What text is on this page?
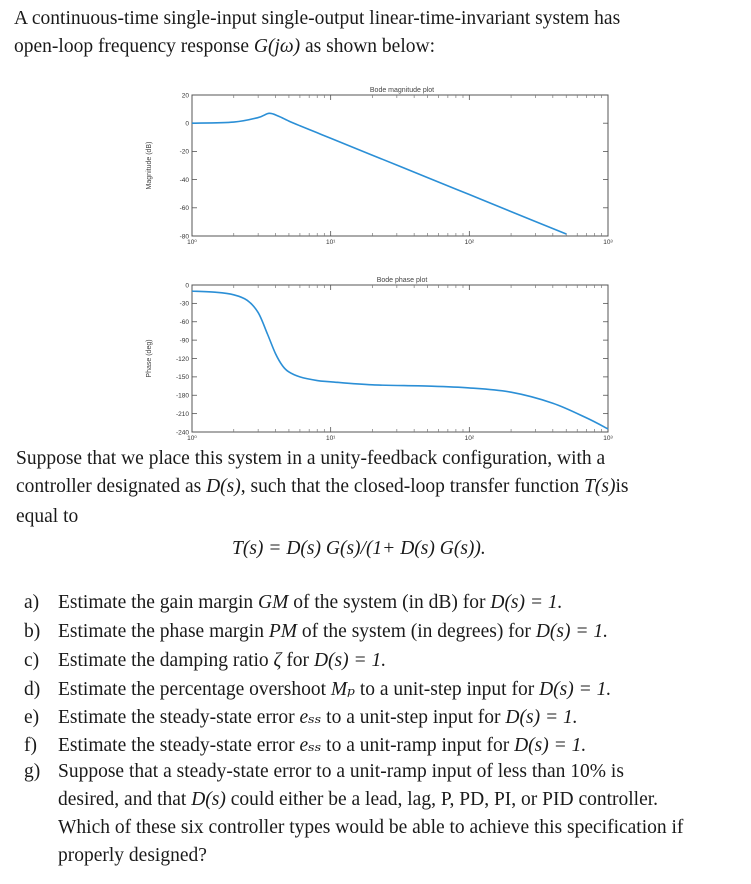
A continuous-time single-input single-output linear-time-invariant system has
open-loop frequency response G(jω) as shown below:
Bode magnitude plot
Magnitude (dB)
10⁰	10¹	10²	10³
20
0
-20
-40
-60
-80
Bode phase plot
Phase (deg)
10⁰	10¹	10²	10³
0
-30
-60
-90
-120
-150
-180
-210
-240
Suppose that we place this system in a unity-feedback configuration, with a
controller designated as D(s), such that the closed-loop transfer function T(s)is
equal to
T(s) = D(s) G(s)/(1+ D(s) G(s)).
a) Estimate the gain margin GM of the system (in dB) for D(s) = 1.
b) Estimate the phase margin PM of the system (in degrees) for D(s) = 1.
c) Estimate the damping ratio ζ for D(s) = 1.
d) Estimate the percentage overshoot Mₚ to a unit-step input for D(s) = 1.
e) Estimate the steady-state error eₛₛ to a unit-step input for D(s) = 1.
f) Estimate the steady-state error eₛₛ to a unit-ramp input for D(s) = 1.
g) Suppose that a steady-state error to a unit-ramp input of less than 10% is
desired, and that D(s) could either be a lead, lag, P, PD, PI, or PID controller.
Which of these six controller types would be able to achieve this specification if
properly designed?
